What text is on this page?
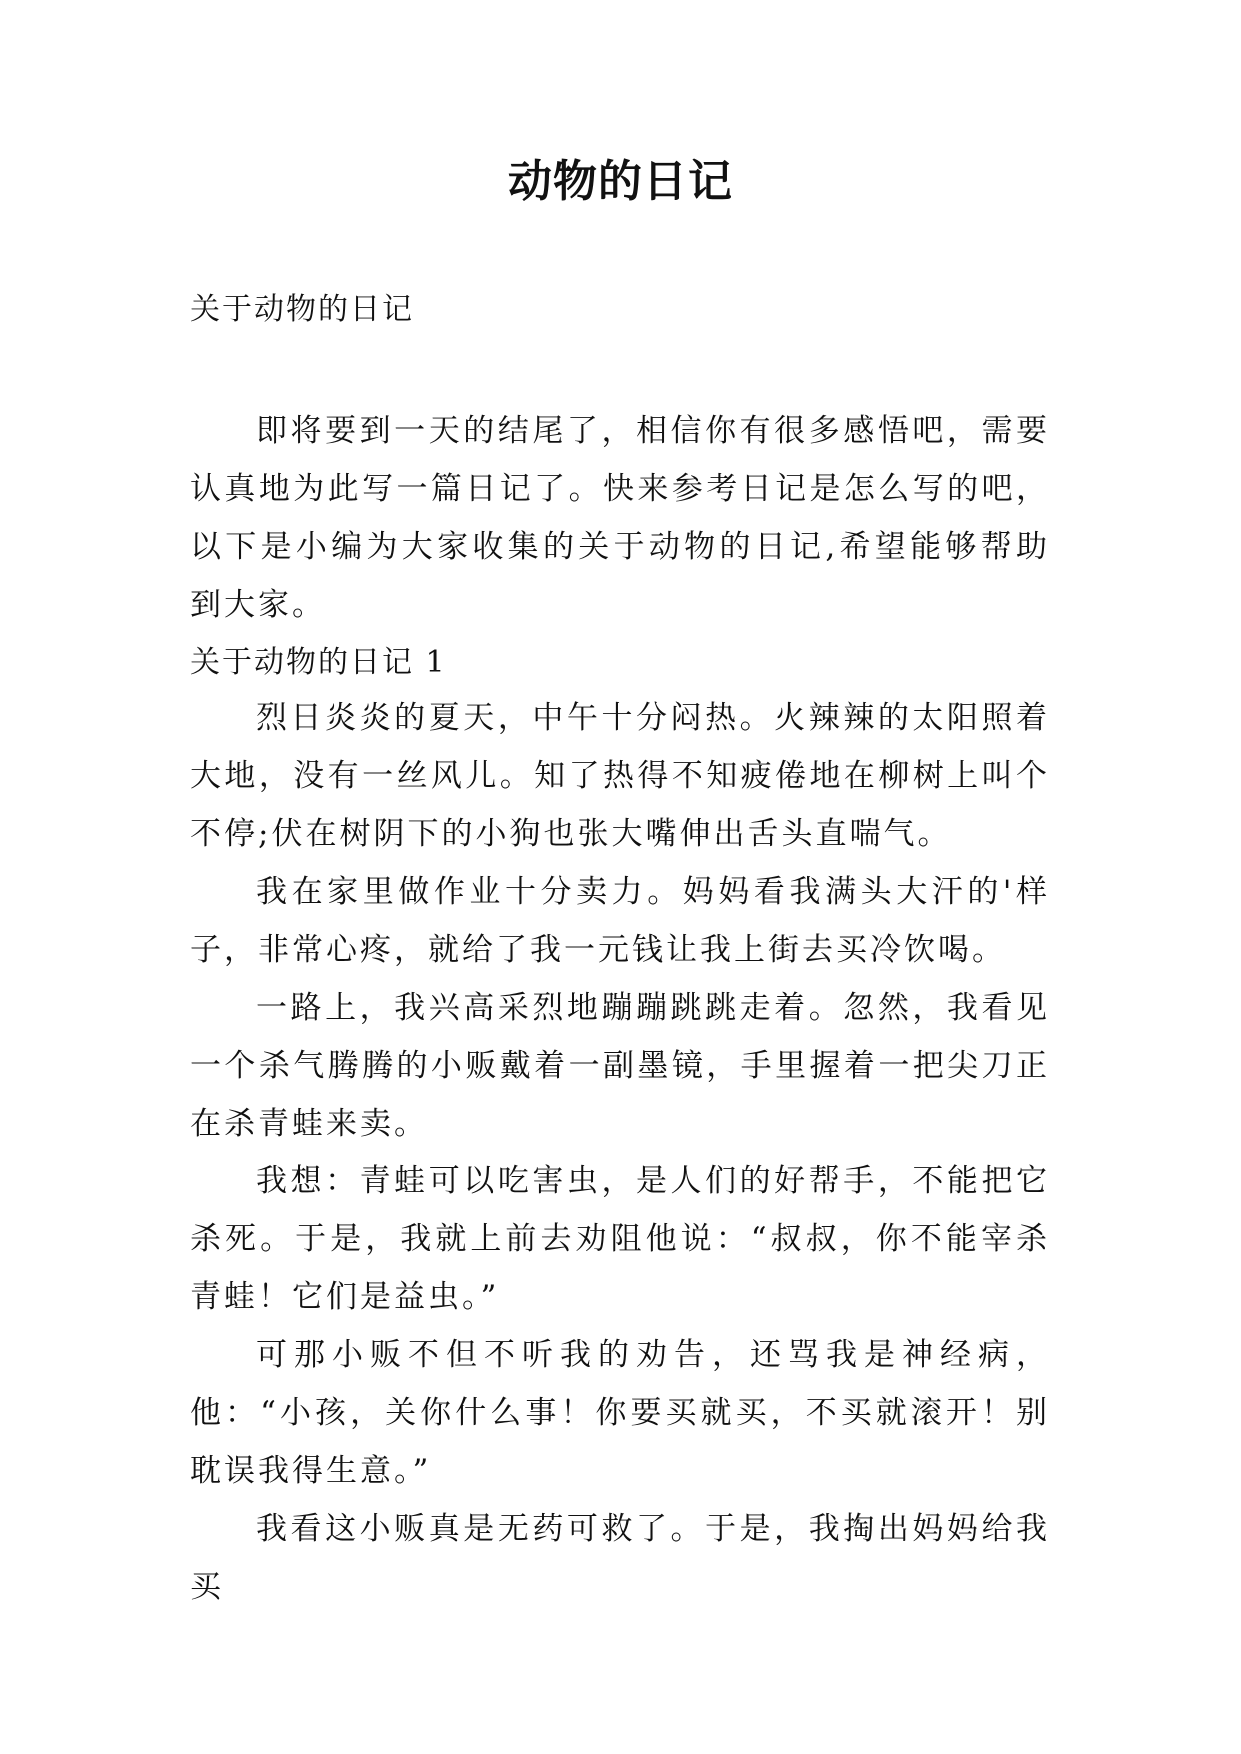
动物的日记
关于动物的日记

即将要到一天的结尾了，相信你有很多感悟吧，需要认真地为此写一篇日记了。快来参考日记是怎么写的吧，以下是小编为大家收集的关于动物的日记,希望能够帮助到大家。

关于动物的日记 1

烈日炎炎的夏天，中午十分闷热。火辣辣的太阳照着大地，没有一丝风儿。知了热得不知疲倦地在柳树上叫个不停;伏在树阴下的小狗也张大嘴伸出舌头直喘气。

我在家里做作业十分卖力。妈妈看我满头大汗的'样子，非常心疼，就给了我一元钱让我上街去买冷饮喝。

一路上，我兴高采烈地蹦蹦跳跳走着。忽然，我看见一个杀气腾腾的小贩戴着一副墨镜，手里握着一把尖刀正在杀青蛙来卖。

我想：青蛙可以吃害虫，是人们的好帮手，不能把它杀死。于是，我就上前去劝阻他说：“叔叔，你不能宰杀青蛙！它们是益虫。”

可那小贩不但不听我的劝告，还骂我是神经病，他：“小孩，关你什么事！你要买就买，不买就滚开！别耽误我得生意。”

我看这小贩真是无药可救了。于是，我掏出妈妈给我买
